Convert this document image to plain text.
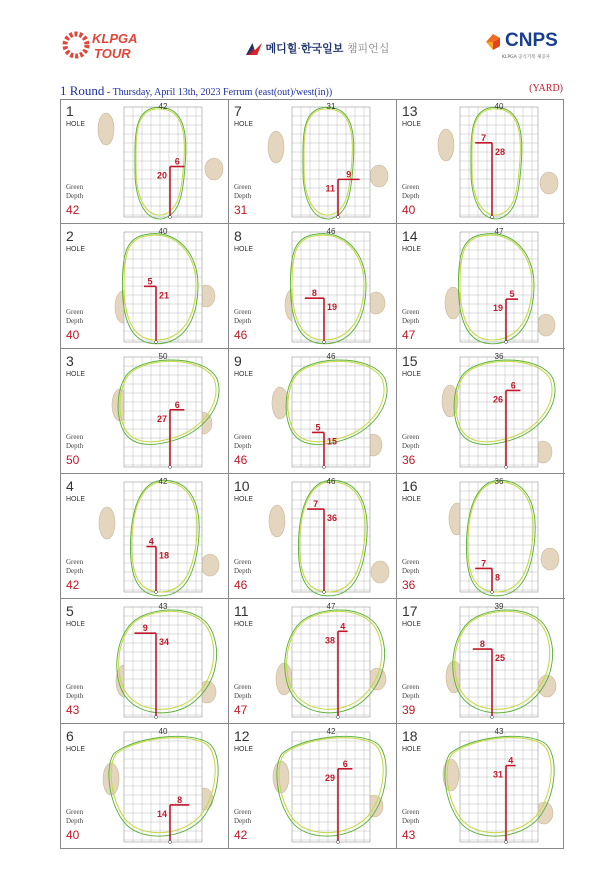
KLPGA
TOUR	메디힐·한국일보 챔피언십	CNPS
KLPGA 공식기록 제공사
1 Round - Thursday, April 13th, 2023 Ferrum (east(out)/west(in))	(YARD)
1
HOLE
Green
Depth
42
42
6
20
2
HOLE
Green
Depth
40
40
5
21
3
HOLE
Green
Depth
50
50
6
27
4
HOLE
Green
Depth
42
42
4
18
5
HOLE
Green
Depth
43
43
9
34
6
HOLE
Green
Depth
40
40
8
14
7
HOLE
Green
Depth
31
31
9
11
8
HOLE
Green
Depth
46
46
8
19
9
HOLE
Green
Depth
46
46
5
15
10
HOLE
Green
Depth
46
46
7
36
11
HOLE
Green
Depth
47
47
4
38
12
HOLE
Green
Depth
42
42
6
29
13
HOLE
Green
Depth
40
40
7
28
14
HOLE
Green
Depth
47
47
5
19
15
HOLE
Green
Depth
36
36
6
26
16
HOLE
Green
Depth
36
36
7
8
17
HOLE
Green
Depth
39
39
8
25
18
HOLE
Green
Depth
43
43
4
31
